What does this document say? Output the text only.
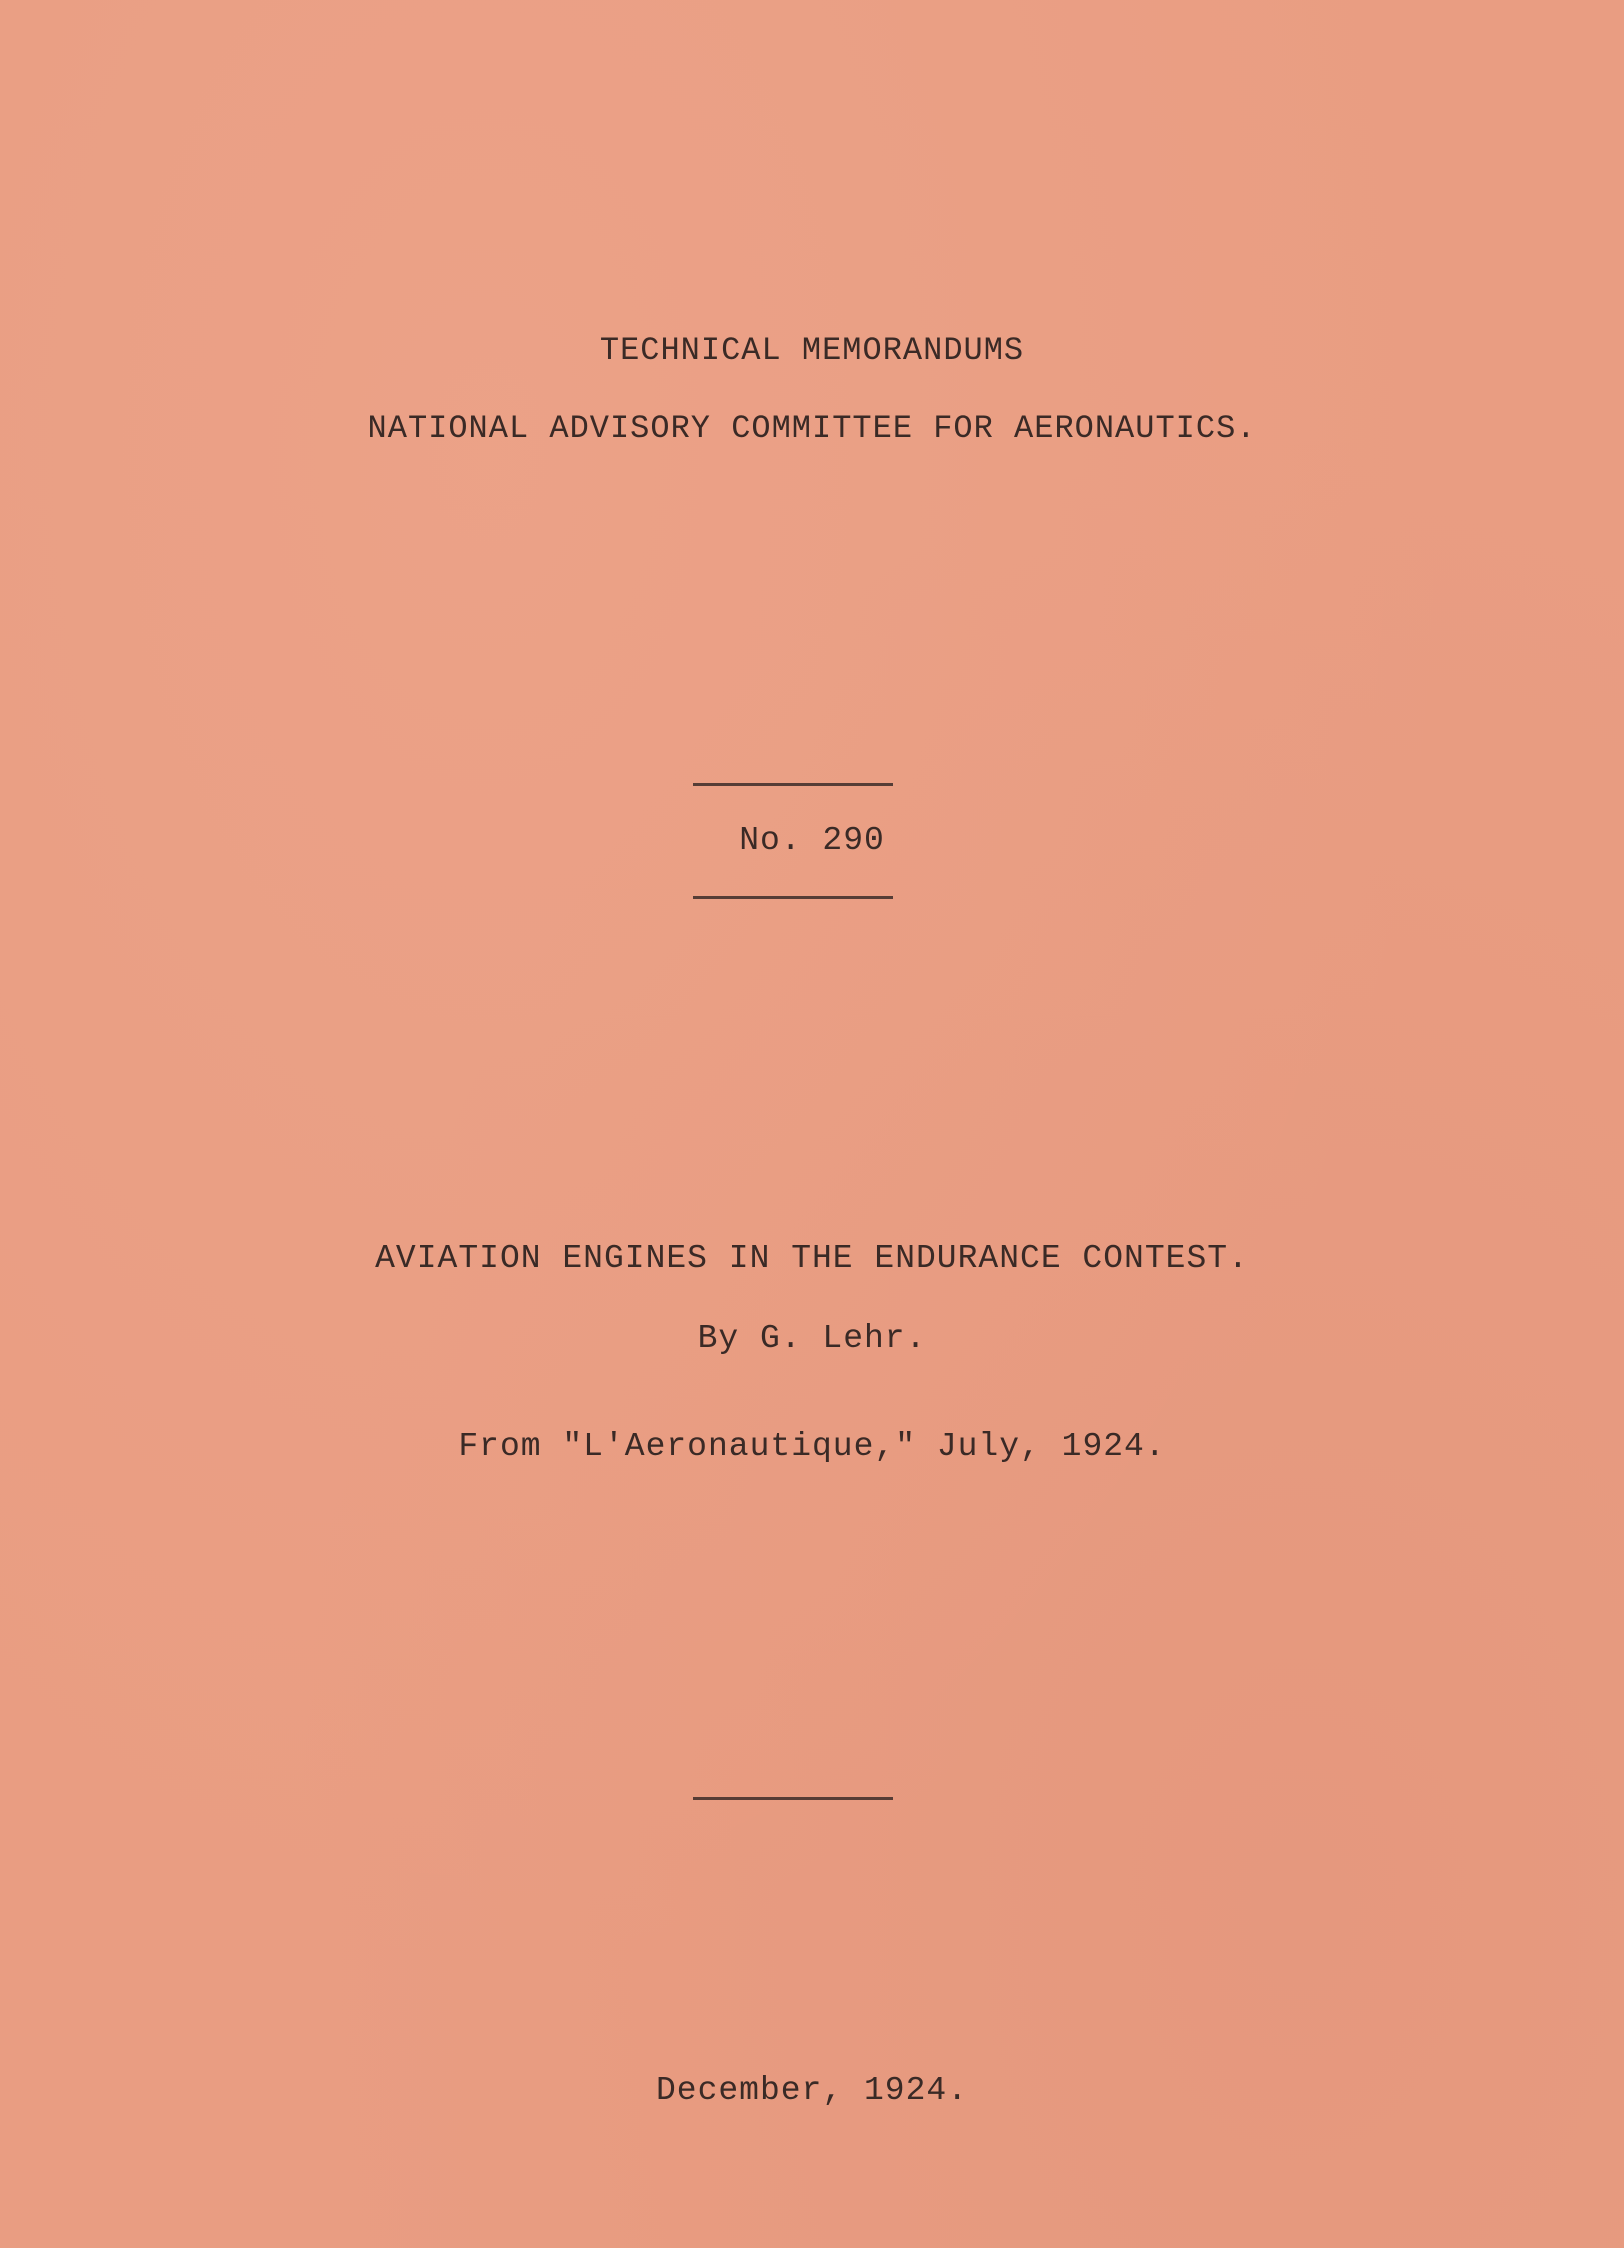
TECHNICAL MEMORANDUMS
NATIONAL ADVISORY COMMITTEE FOR AERONAUTICS.
No. 290
AVIATION ENGINES IN THE ENDURANCE CONTEST.
By G. Lehr.
From "L'Aeronautique," July, 1924.
December, 1924.
